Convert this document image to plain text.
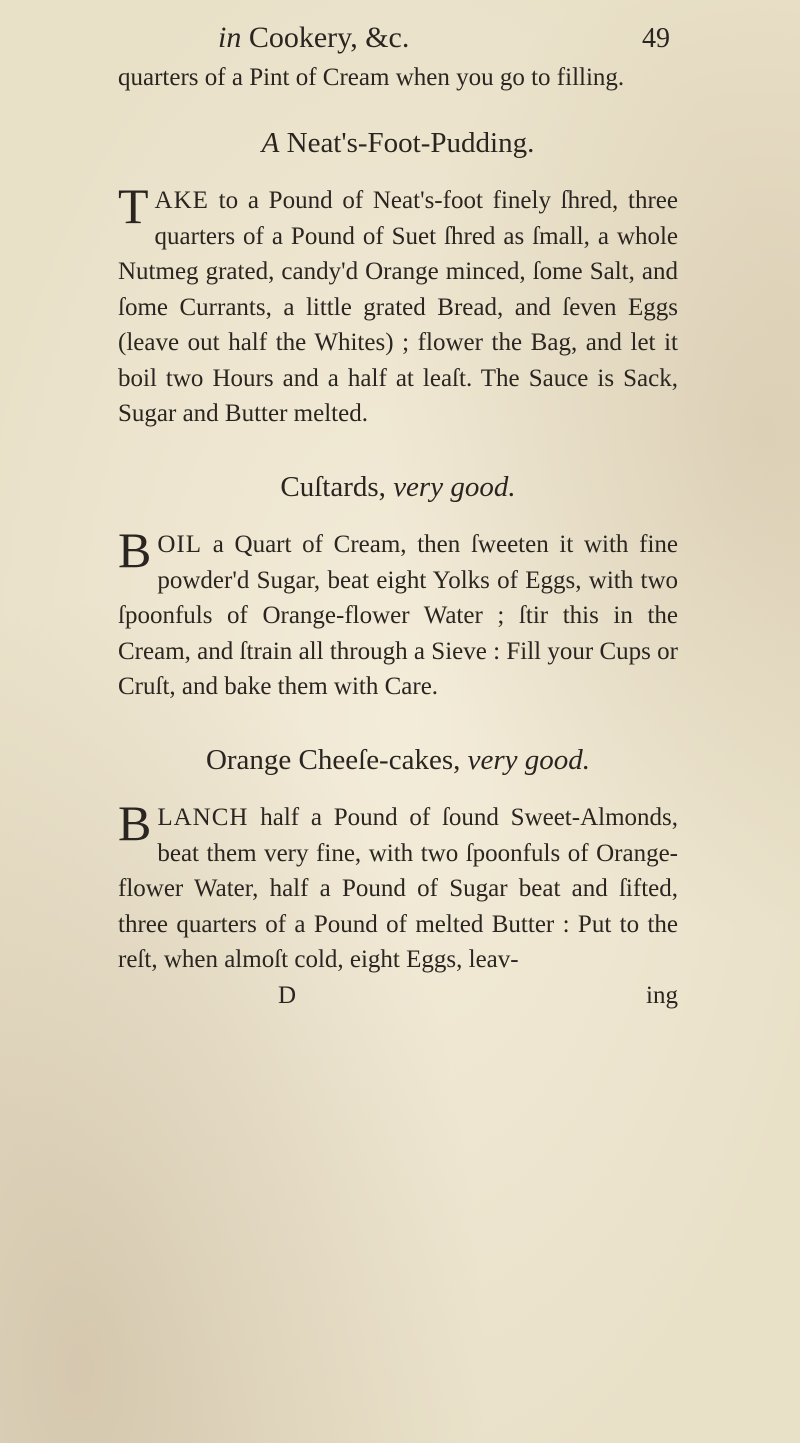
in Cookery, &c.	49

quarters of a Pint of Cream when you go to filling.

A Neat's-Foot-Pudding.

T AKE to a Pound of Neat's-foot finely ſhred, three quarters of a Pound of Suet ſhred as ſmall, a whole Nutmeg grated, candy'd Orange minced, ſome Salt, and ſome Currants, a little grated Bread, and ſeven Eggs (leave out half the Whites) ; flower the Bag, and let it boil two Hours and a half at leaſt. The Sauce is Sack, Sugar and Butter melted.

Cuſtards, very good.

B OIL a Quart of Cream, then ſweeten it with fine powder'd Sugar, beat eight Yolks of Eggs, with two ſpoonfuls of Orange-flower Water ; ſtir this in the Cream, and ſtrain all through a Sieve : Fill your Cups or Cruſt, and bake them with Care.

Orange Cheeſe-cakes, very good.

B LANCH half a Pound of ſound Sweet-Almonds, beat them very fine, with two ſpoonfuls of Orange-flower Water, half a Pound of Sugar beat and ſifted, three quarters of a Pound of melted Butter : Put to the reſt, when almoſt cold, eight Eggs, leav-

D	ing
